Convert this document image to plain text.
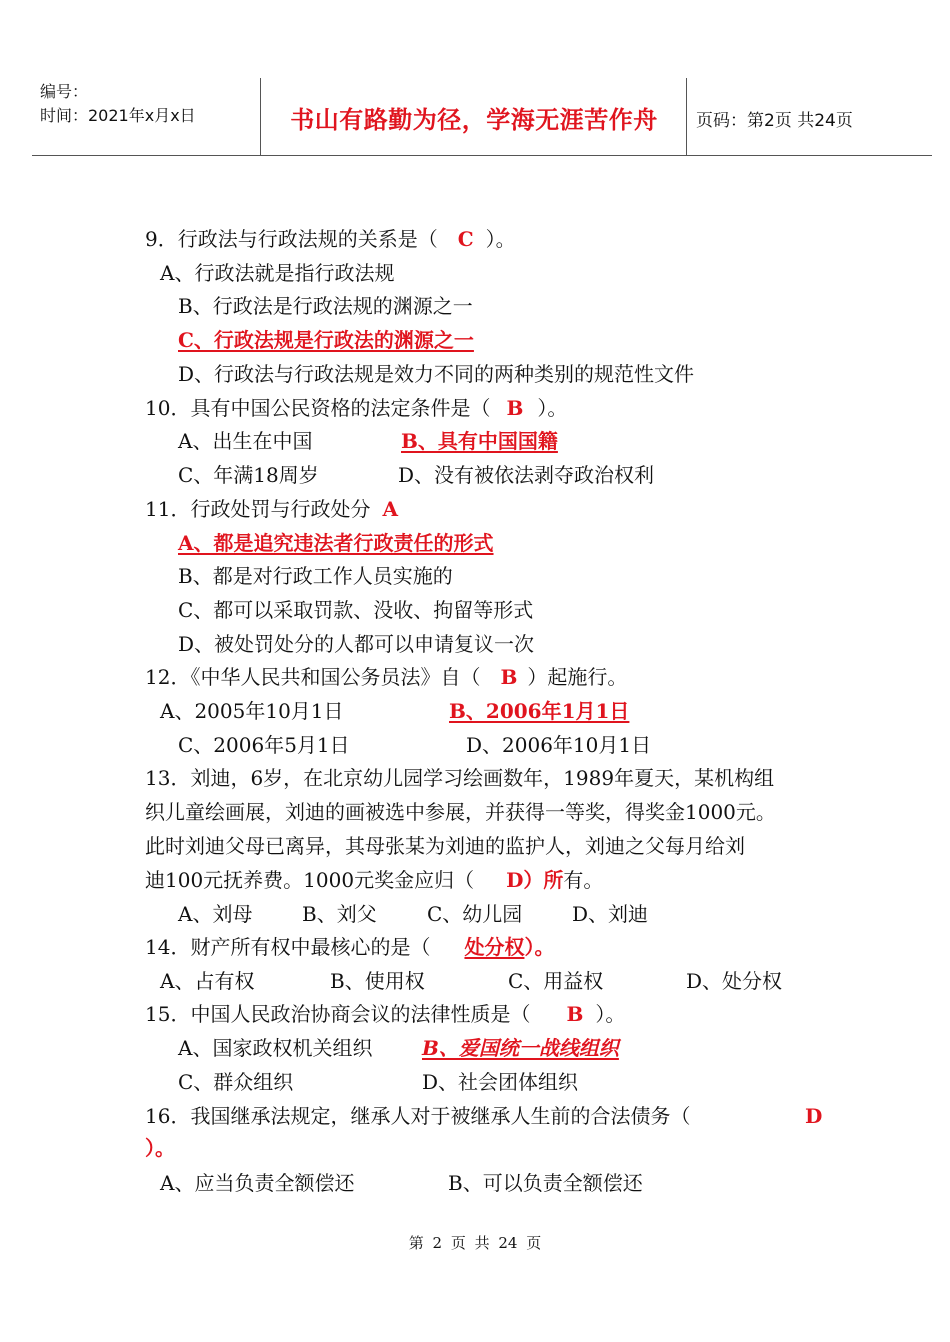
编号：
时间：2021年x月x日	书山有路勤为径，学海无涯苦作舟	页码：第2页 共24页
9．行政法与行政法规的关系是（ C ）。
A、行政法就是指行政法规
B、行政法是行政法规的渊源之一
C、行政法规是行政法的渊源之一
D、行政法与行政法规是效力不同的两种类别的规范性文件
10．具有中国公民资格的法定条件是（ B ）。
A、出生在中国	B、具有中国国籍
C、年满18周岁	D、没有被依法剥夺政治权利
11．行政处罚与行政处分 A
A、都是追究违法者行政责任的形式
B、都是对行政工作人员实施的
C、都可以采取罚款、没收、拘留等形式
D、被处罚处分的人都可以申请复议一次
12．《中华人民共和国公务员法》自（ B ）起施行。
A、2005年10月1日	B、2006年1月1日
C、2006年5月1日	D、2006年10月1日
13．刘迪，6岁，在北京幼儿园学习绘画数年，1989年夏天，某机构组
织儿童绘画展，刘迪的画被选中参展，并获得一等奖，得奖金1000元。
此时刘迪父母已离异，其母张某为刘迪的监护人，刘迪之父每月给刘
迪100元抚养费。1000元奖金应归（ D）所有。
A、刘母 B、刘父	C、幼儿园 D、刘迪
14．财产所有权中最核心的是（ 处分权）。
A、占有权	B、使用权	C、用益权	D、处分权
15．中国人民政治协商会议的法律性质是（ B ）。
A、国家政权机关组织	B、爱国统一战线组织
C、群众组织	D、社会团体组织
16．我国继承法规定，继承人对于被继承人生前的合法债务（	D
）。
A、应当负责全额偿还	B、可以负责全额偿还
第 2 页 共 24 页
